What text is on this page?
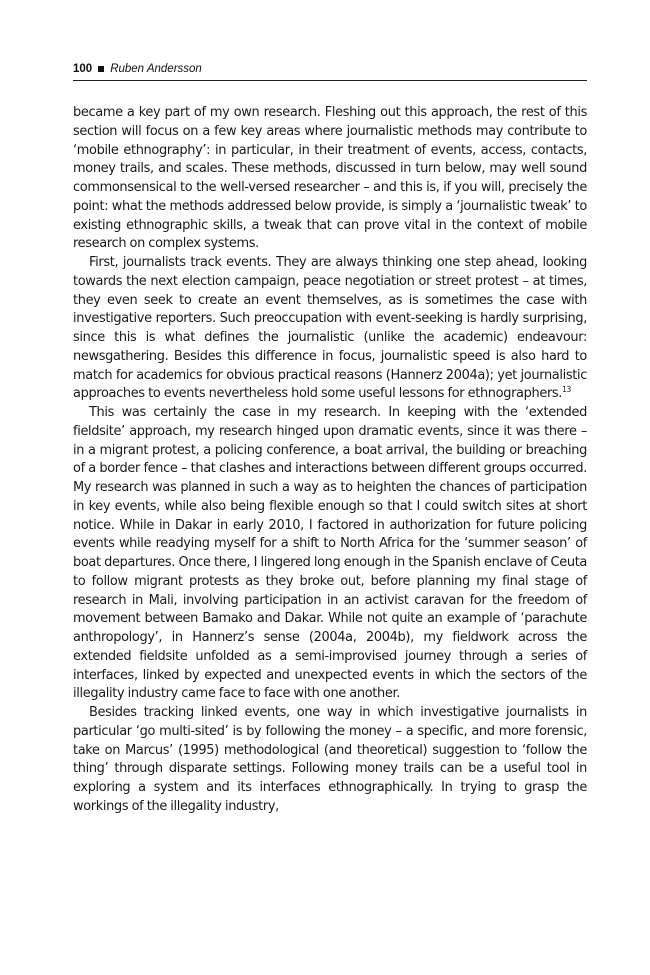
100 Ruben Andersson

became a key part of my own research. Fleshing out this approach, the rest of this section will focus on a few key areas where journalistic methods may contribute to ‘mobile ethnography’: in particular, in their treatment of events, access, contacts, money trails, and scales. These methods, discussed in turn below, may well sound commonsensical to the well-versed researcher – and this is, if you will, precisely the point: what the methods addressed below provide, is simply a ‘journalistic tweak’ to existing ethnographic skills, a tweak that can prove vital in the context of mobile research on complex systems.

First, journalists track events. They are always thinking one step ahead, looking towards the next election campaign, peace negotiation or street protest – at times, they even seek to create an event themselves, as is sometimes the case with investigative reporters. Such preoccupation with event-seeking is hardly surprising, since this is what defines the journalistic (unlike the academic) endeavour: newsgathering. Besides this difference in focus, journalistic speed is also hard to match for academics for obvious practical reasons (Hannerz 2004a); yet journalistic approaches to events nevertheless hold some useful lessons for ethnographers.$^{13}$

This was certainly the case in my research. In keeping with the ‘extended fieldsite’ approach, my research hinged upon dramatic events, since it was there – in a migrant protest, a policing conference, a boat arrival, the building or breaching of a border fence – that clashes and interactions between different groups occurred. My research was planned in such a way as to heighten the chances of participation in key events, while also being flexible enough so that I could switch sites at short notice. While in Dakar in early 2010, I factored in authorization for future policing events while readying myself for a shift to North Africa for the ‘summer season’ of boat departures. Once there, I lingered long enough in the Spanish enclave of Ceuta to follow migrant protests as they broke out, before planning my final stage of research in Mali, involving participation in an activist caravan for the freedom of movement between Bamako and Dakar. While not quite an example of ‘parachute anthropology’, in Hannerz’s sense (2004a, 2004b), my fieldwork across the extended fieldsite unfolded as a semi-improvised journey through a series of interfaces, linked by expected and unexpected events in which the sectors of the illegality industry came face to face with one another.

Besides tracking linked events, one way in which investigative journalists in particular ‘go multi-sited’ is by following the money – a specific, and more forensic, take on Marcus’ (1995) methodological (and theoretical) suggestion to ‘follow the thing’ through disparate settings. Following money trails can be a useful tool in exploring a system and its interfaces ethnographically. In trying to grasp the workings of the illegality industry,
